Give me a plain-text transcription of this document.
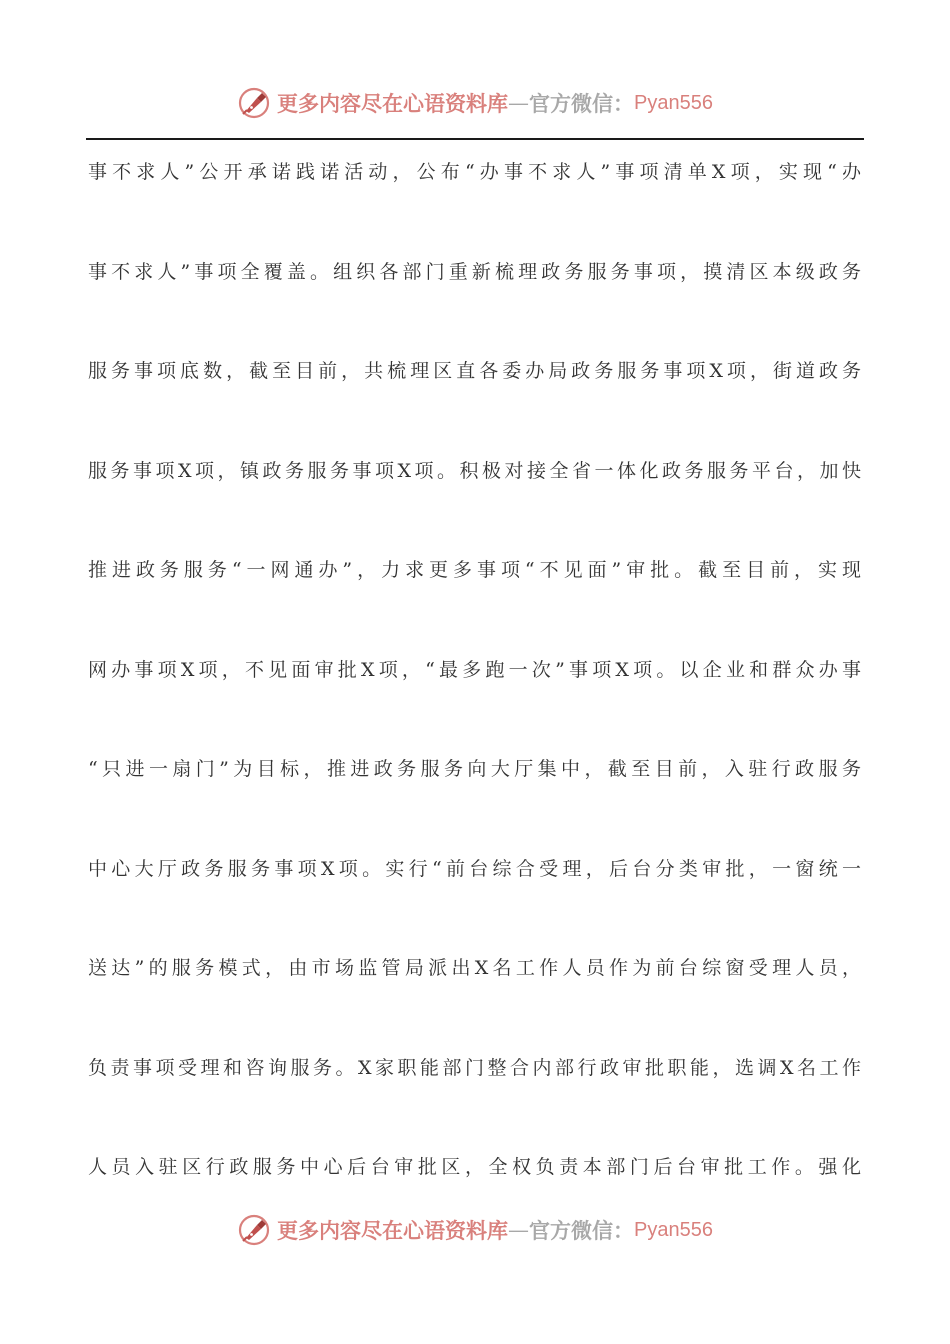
更多内容尽在心语资料库 — 官方微信： Pyan556
事不求人”公开承诺践诺活动，公布“办事不求人”事项清单X项，实现“办
事不求人”事项全覆盖。组织各部门重新梳理政务服务事项，摸清区本级政务
服务事项底数，截至目前，共梳理区直各委办局政务服务事项X项，街道政务
服务事项X项，镇政务服务事项X项。积极对接全省一体化政务服务平台，加快
推进政务服务“一网通办”，力求更多事项“不见面”审批。截至目前，实现
网办事项X项，不见面审批X项，“最多跑一次”事项X项。以企业和群众办事
“只进一扇门”为目标，推进政务服务向大厅集中，截至目前，入驻行政服务
中心大厅政务服务事项X项。实行“前台综合受理，后台分类审批，一窗统一
送达”的服务模式，由市场监管局派出X名工作人员作为前台综窗受理人员，
负责事项受理和咨询服务。X家职能部门整合内部行政审批职能，选调X名工作
人员入驻区行政服务中心后台审批区，全权负责本部门后台审批工作。强化
更多内容尽在心语资料库 — 官方微信： Pyan556
